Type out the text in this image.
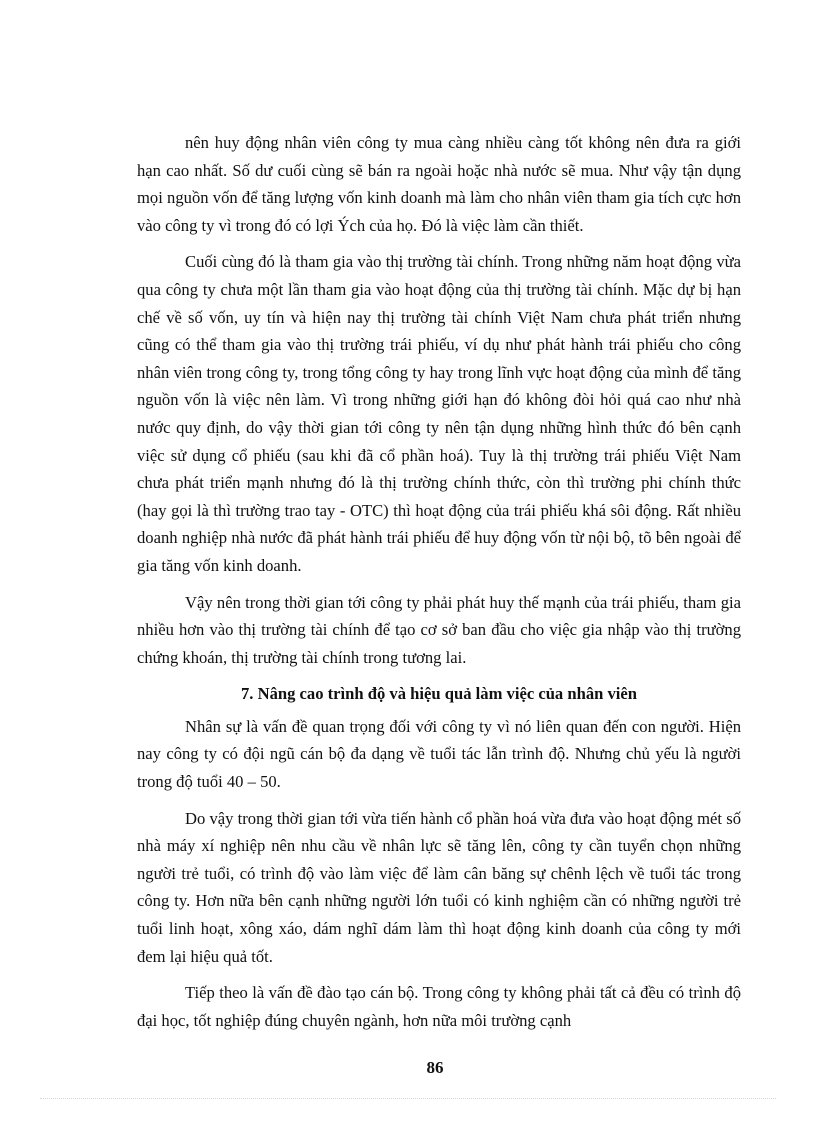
nên huy động nhân viên công ty mua càng nhiều càng tốt không nên đưa ra giới hạn cao nhất. Số dư cuối cùng sẽ bán ra ngoài hoặc nhà nước sẽ mua. Như vậy tận dụng mọi nguồn vốn để tăng lượng vốn kinh doanh mà làm cho nhân viên tham gia tích cực hơn vào công ty vì trong đó có lợi Ých của họ. Đó là việc làm cần thiết.

Cuối cùng đó là tham gia vào thị trường tài chính. Trong những năm hoạt động vừa qua công ty chưa một lần tham gia vào hoạt động của thị trường tài chính. Mặc dự bị hạn chế về số vốn, uy tín và hiện nay thị trường tài chính Việt Nam chưa phát triển nhưng cũng có thể tham gia vào thị trường trái phiếu, ví dụ như phát hành trái phiếu cho công nhân viên trong công ty, trong tổng công ty hay trong lĩnh vực hoạt động của mình để tăng nguồn vốn là việc nên làm. Vì trong những giới hạn đó không đòi hỏi quá cao như nhà nước quy định, do vậy thời gian tới công ty nên tận dụng những hình thức đó bên cạnh việc sử dụng cổ phiếu (sau khi đã cổ phần hoá). Tuy là thị trường trái phiếu Việt Nam chưa phát triển mạnh nhưng đó là thị trường chính thức, còn thì trường phi chính thức (hay gọi là thì trường trao tay - OTC) thì hoạt động của trái phiếu khá sôi động. Rất nhiều doanh nghiệp nhà nước đã phát hành trái phiếu để huy động vốn từ nội bộ, tõ bên ngoài để gia tăng vốn kinh doanh.

Vậy nên trong thời gian tới công ty phải phát huy thế mạnh của trái phiếu, tham gia nhiều hơn vào thị trường tài chính để tạo cơ sở ban đầu cho việc gia nhập vào thị trường chứng khoán, thị trường tài chính trong tương lai.

7. Nâng cao trình độ và hiệu quả làm việc của nhân viên

Nhân sự là vấn đề quan trọng đối với công ty vì nó liên quan đến con người. Hiện nay công ty có đội ngũ cán bộ đa dạng về tuổi tác lẫn trình độ. Nhưng chủ yếu là người trong độ tuổi 40 – 50.

Do vậy trong thời gian tới vừa tiến hành cổ phần hoá vừa đưa vào hoạt động mét số nhà máy xí nghiệp nên nhu cầu về nhân lực sẽ tăng lên, công ty cần tuyển chọn những người trẻ tuổi, có trình độ vào làm việc để làm cân băng sự chênh lệch về tuổi tác trong công ty. Hơn nữa bên cạnh những người lớn tuổi có kinh nghiệm cần có những người trẻ tuổi linh hoạt, xông xáo, dám nghĩ dám làm thì hoạt động kinh doanh của công ty mới đem lại hiệu quả tốt.

Tiếp theo là vấn đề đào tạo cán bộ. Trong công ty không phải tất cả đều có trình độ đại học, tốt nghiệp đúng chuyên ngành, hơn nữa môi trường cạnh

86
